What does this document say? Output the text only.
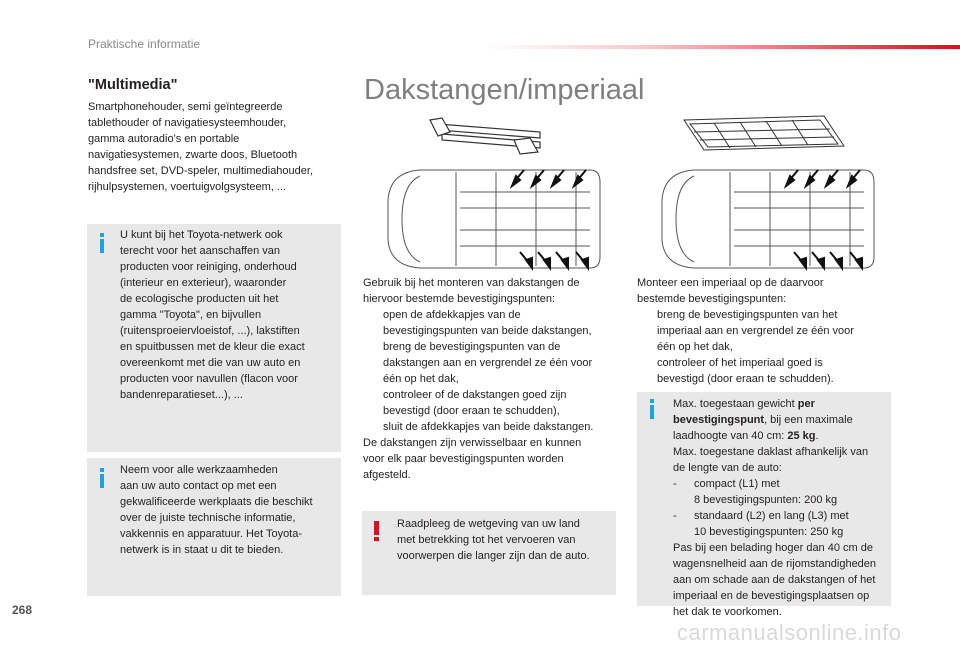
Praktische informatie
"Multimedia"
Smartphonehouder, semi geïntegreerde
tablethouder of navigatiesysteemhouder,
gamma autoradio's en portable
navigatiesystemen, zwarte doos, Bluetooth
handsfree set, DVD-speler, multimediahouder,
rijhulpsystemen, voertuigvolgsysteem, ...
U kunt bij het Toyota-netwerk ook
terecht voor het aanschaffen van
producten voor reiniging, onderhoud
(interieur en exterieur), waaronder
de ecologische producten uit het
gamma "Toyota", en bijvullen
(ruitensproeiervloeistof, ...), lakstiften
en spuitbussen met de kleur die exact
overeenkomt met die van uw auto en
producten voor navullen (flacon voor
bandenreparatieset...), ...
Neem voor alle werkzaamheden
aan uw auto contact op met een
gekwalificeerde werkplaats die beschikt
over de juiste technische informatie,
vakkennis en apparatuur. Het Toyota-
netwerk is in staat u dit te bieden.
Dakstangen/imperiaal

Gebruik bij het monteren van dakstangen de

hiervoor bestemde bevestigingspunten:

open de afdekkapjes van de
bevestigingspunten van beide dakstangen,
breng de bevestigingspunten van de
dakstangen aan en vergrendel ze één voor
één op het dak,
controleer of de dakstangen goed zijn
bevestigd (door eraan te schudden),
sluit de afdekkapjes van beide dakstangen.

De dakstangen zijn verwisselbaar en kunnen

voor elk paar bevestigingspunten worden

afgesteld.

Raadpleeg de wetgeving van uw land
met betrekking tot het vervoeren van
voorwerpen die langer zijn dan de auto.

Monteer een imperiaal op de daarvoor

bestemde bevestigingspunten:

breng de bevestigingspunten van het
imperiaal aan en vergrendel ze één voor
één op het dak,
controleer of het imperiaal goed is
bevestigd (door eraan te schudden).

Max. toegestaan gewicht per

bevestigingspunt, bij een maximale

laadhoogte van 40 cm: 25 kg.

Max. toegestane daklast afhankelijk van

de lengte van de auto:

- compact (L1) met
8 bevestigingspunten: 200 kg
- standaard (L2) en lang (L3) met
10 bevestigingspunten: 250 kg

Pas bij een belading hoger dan 40 cm de

wagensnelheid aan de rijomstandigheden

aan om schade aan de dakstangen of het

imperiaal en de bevestigingsplaatsen op

het dak te voorkomen.

268
carmanualsonline.info
